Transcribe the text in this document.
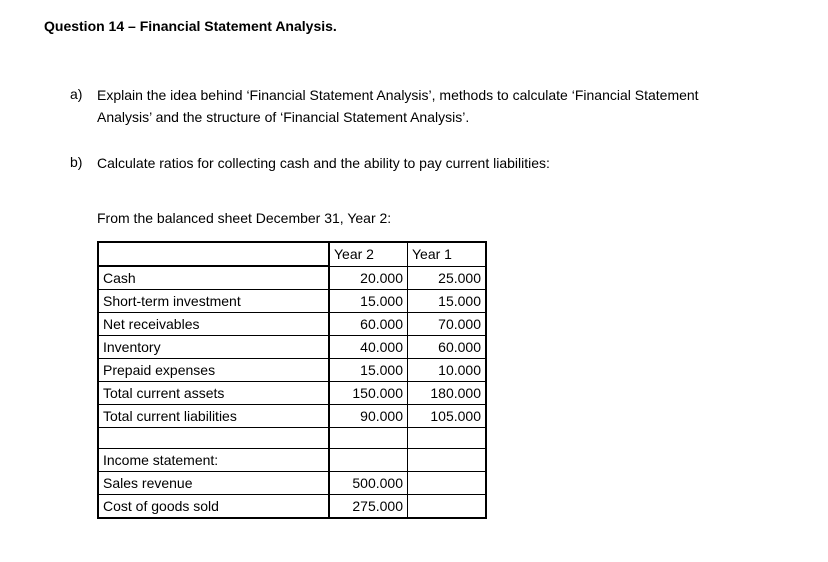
Question 14 – Financial Statement Analysis.
a) Explain the idea behind ‘Financial Statement Analysis’, methods to calculate ‘Financial Statement
Analysis’ and the structure of ‘Financial Statement Analysis’.
b) Calculate ratios for collecting cash and the ability to pay current liabilities:
From the balanced sheet December 31, Year 2:
		Year 2	Year 1
Cash		20.000	25.000
Short-term investment		15.000	15.000
Net receivables		60.000	70.000
Inventory		40.000	60.000
Prepaid expenses		15.000	10.000
Total current assets		150.000	180.000
Total current liabilities		90.000	105.000

Income statement:			
Sales revenue		500.000	
Cost of goods sold		275.000	
